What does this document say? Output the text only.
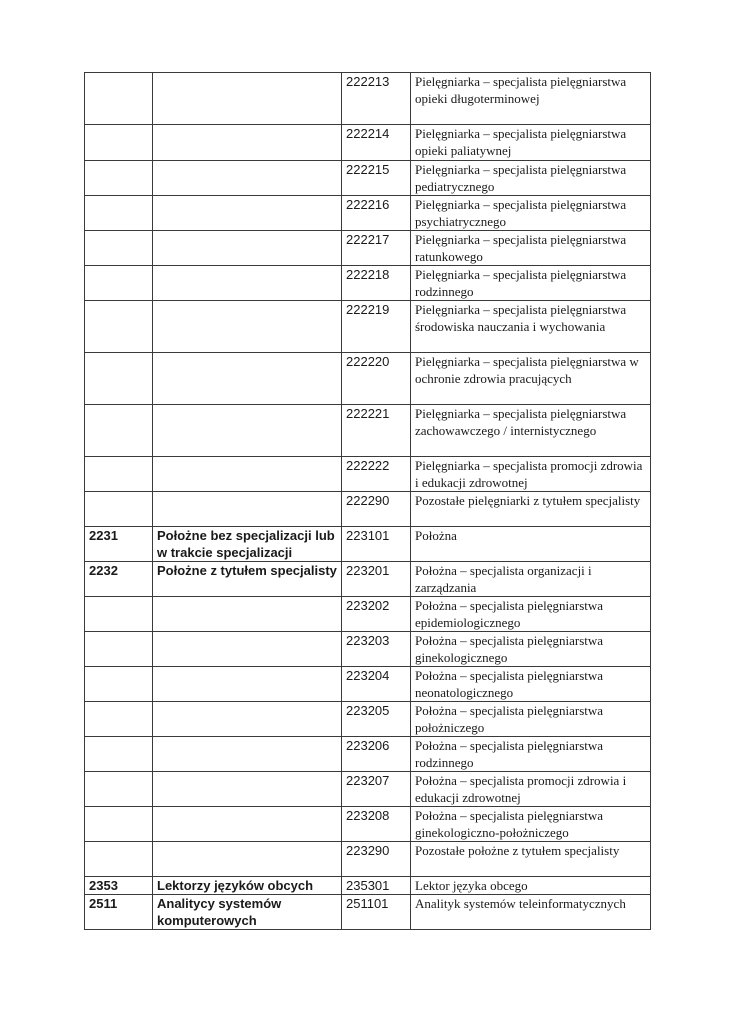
		222213	Pielęgniarka – specjalista pielęgniarstwa opieki długoterminowej
		222214	Pielęgniarka – specjalista pielęgniarstwa opieki paliatywnej
		222215	Pielęgniarka – specjalista pielęgniarstwa pediatrycznego
		222216	Pielęgniarka – specjalista pielęgniarstwa psychiatrycznego
		222217	Pielęgniarka – specjalista pielęgniarstwa ratunkowego
		222218	Pielęgniarka – specjalista pielęgniarstwa rodzinnego
		222219	Pielęgniarka – specjalista pielęgniarstwa środowiska nauczania i wychowania
		222220	Pielęgniarka – specjalista pielęgniarstwa w ochronie zdrowia pracujących
		222221	Pielęgniarka – specjalista pielęgniarstwa zachowawczego / internistycznego
		222222	Pielęgniarka – specjalista promocji zdrowia i edukacji zdrowotnej
		222290	Pozostałe pielęgniarki z tytułem specjalisty
2231	Położne bez specjalizacji lub w trakcie specjalizacji	223101	Położna
2232	Położne z tytułem specjalisty	223201	Położna – specjalista organizacji i zarządzania
		223202	Położna – specjalista pielęgniarstwa epidemiologicznego
		223203	Położna – specjalista pielęgniarstwa ginekologicznego
		223204	Położna – specjalista pielęgniarstwa neonatologicznego
		223205	Położna – specjalista pielęgniarstwa położniczego
		223206	Położna – specjalista pielęgniarstwa rodzinnego
		223207	Położna – specjalista promocji zdrowia i edukacji zdrowotnej
		223208	Położna – specjalista pielęgniarstwa ginekologiczno-położniczego
		223290	Pozostałe położne z tytułem specjalisty
2353	Lektorzy języków obcych	235301	Lektor języka obcego
2511	Analitycy systemów komputerowych	251101	Analityk systemów teleinformatycznych
